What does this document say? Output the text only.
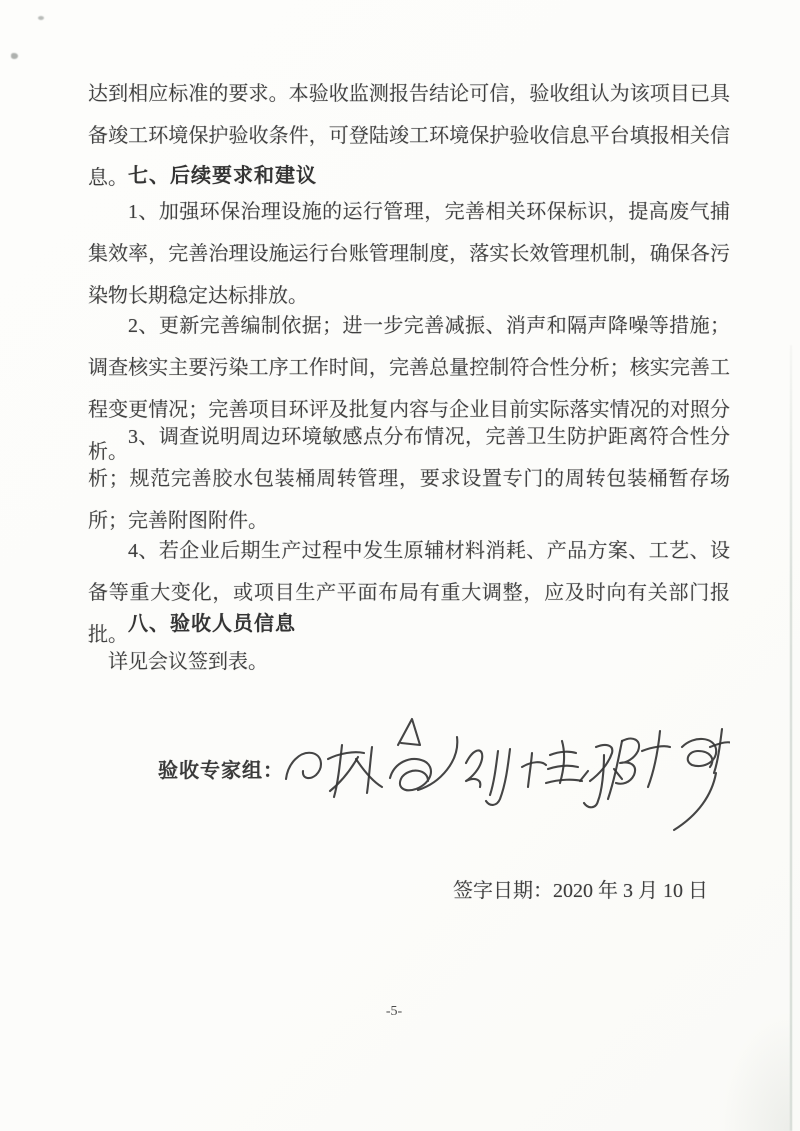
达到相应标准的要求。本验收监测报告结论可信，验收组认为该项目已具备竣工环境保护验收条件，可登陆竣工环境保护验收信息平台填报相关信息。 七、后续要求和建议

1、加强环保治理设施的运行管理，完善相关环保标识，提高废气捕集效率，完善治理设施运行台账管理制度，落实长效管理机制，确保各污染物长期稳定达标排放。

2、更新完善编制依据；进一步完善减振、消声和隔声降噪等措施；调查核实主要污染工序工作时间，完善总量控制符合性分析；核实完善工程变更情况；完善项目环评及批复内容与企业目前实际落实情况的对照分析。

3、调查说明周边环境敏感点分布情况，完善卫生防护距离符合性分析；规范完善胶水包装桶周转管理，要求设置专门的周转包装桶暂存场所；完善附图附件。

4、若企业后期生产过程中发生原辅材料消耗、产品方案、工艺、设备等重大变化，或项目生产平面布局有重大调整，应及时向有关部门报批。 八、验收人员信息

详见会议签到表。

验收专家组：

签字日期：2020 年 3 月 10 日

-5-
